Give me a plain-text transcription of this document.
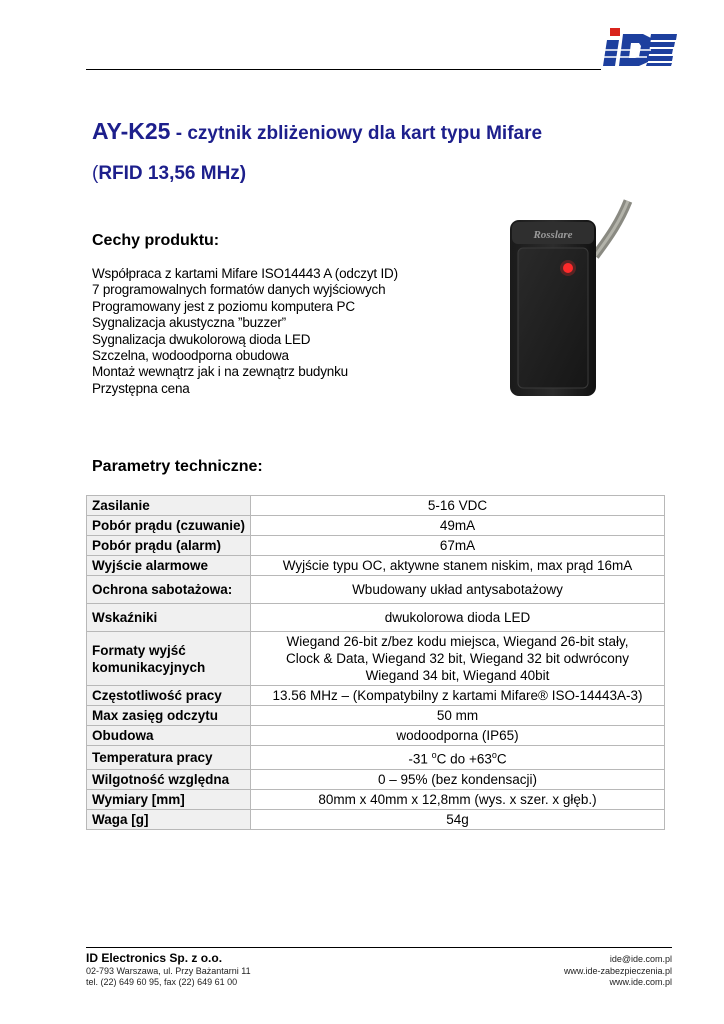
AY-K25 - czytnik zbliżeniowy dla kart typu Mifare
(RFID 13,56 MHz)
Cechy produktu:
Współpraca z kartami Mifare ISO14443 A (odczyt ID)
7 programowalnych formatów danych wyjściowych
Programowany jest z poziomu komputera PC
Sygnalizacja akustyczna ”buzzer”
Sygnalizacja dwukolorową dioda LED
Szczelna, wodoodporna obudowa
Montaż wewnątrz jak i na zewnątrz budynku
Przystępna cena
Rosslare
Parametry techniczne:
Zasilanie	5-16 VDC
Pobór prądu (czuwanie)	49mA
Pobór prądu (alarm)	67mA
Wyjście alarmowe	Wyjście typu OC, aktywne stanem niskim, max prąd 16mA
Ochrona sabotażowa:	Wbudowany układ antysabotażowy
Wskaźniki	dwukolorowa dioda LED
Formaty wyjść komunikacyjnych	Wiegand 26-bit z/bez kodu miejsca, Wiegand 26-bit stały,
Clock & Data, Wiegand 32 bit, Wiegand 32 bit odwrócony
Wiegand 34 bit, Wiegand 40bit

Częstotliwość pracy	13.56 MHz – (Kompatybilny z kartami Mifare® ISO-14443A-3)
Max zasięg odczytu	50 mm
Obudowa	wodoodporna (IP65)
Temperatura pracy	-31 $^o$C do $+63^oC$
Wilgotność względna	0 – 95% (bez kondensacji)
Wymiary [mm]	80mm x 40mm x 12,8mm (wys. x szer. x głęb.)
Waga [g]	54g
ID Electronics Sp. z o.o.
02-793 Warszawa, ul. Przy Bażantarni 11
tel. (22) 649 60 95, fax (22) 649 61 00
ide@ide.com.pl
www.ide-zabezpieczenia.pl
www.ide.com.pl
